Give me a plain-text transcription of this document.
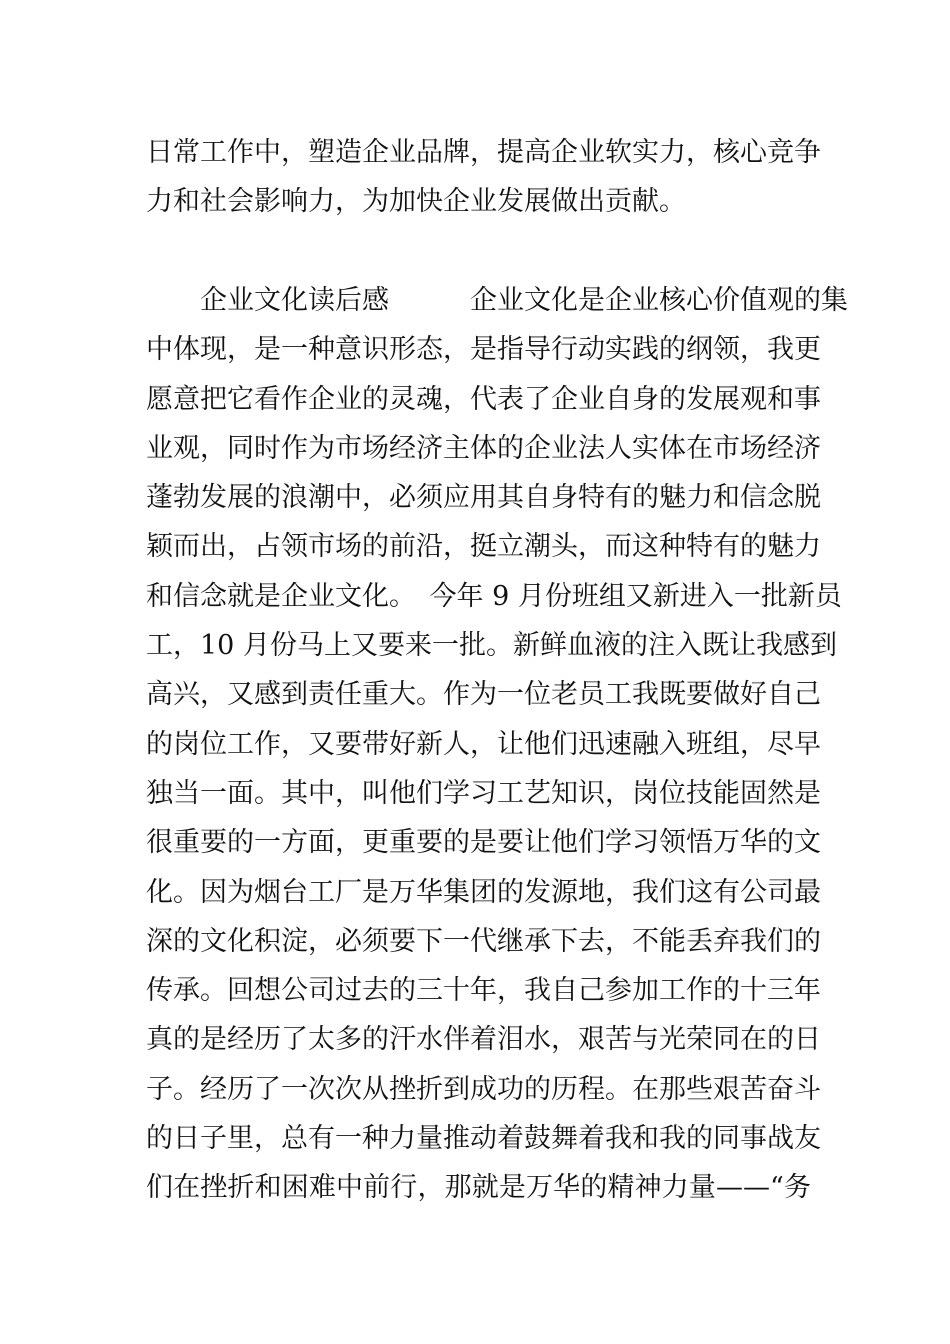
日常工作中，塑造企业品牌，提高企业软实力，核心竞争
力和社会影响力，为加快企业发展做出贡献。
　　企业文化读后感　　　企业文化是企业核心价值观的集
中体现，是一种意识形态，是指导行动实践的纲领，我更
愿意把它看作企业的灵魂，代表了企业自身的发展观和事
业观，同时作为市场经济主体的企业法人实体在市场经济
蓬勃发展的浪潮中，必须应用其自身特有的魅力和信念脱
颖而出，占领市场的前沿，挺立潮头，而这种特有的魅力
和信念就是企业文化。　今年 9 月份班组又新进入一批新员
工，10 月份马上又要来一批。新鲜血液的注入既让我感到
高兴，又感到责任重大。作为一位老员工我既要做好自己
的岗位工作，又要带好新人，让他们迅速融入班组，尽早
独当一面。其中，叫他们学习工艺知识，岗位技能固然是
很重要的一方面，更重要的是要让他们学习领悟万华的文
化。因为烟台工厂是万华集团的发源地，我们这有公司最
深的文化积淀，必须要下一代继承下去，不能丢弃我们的
传承。回想公司过去的三十年，我自己参加工作的十三年
真的是经历了太多的汗水伴着泪水，艰苦与光荣同在的日
子。经历了一次次从挫折到成功的历程。在那些艰苦奋斗
的日子里，总有一种力量推动着鼓舞着我和我的同事战友
们在挫折和困难中前行，那就是万华的精神力量——“务
